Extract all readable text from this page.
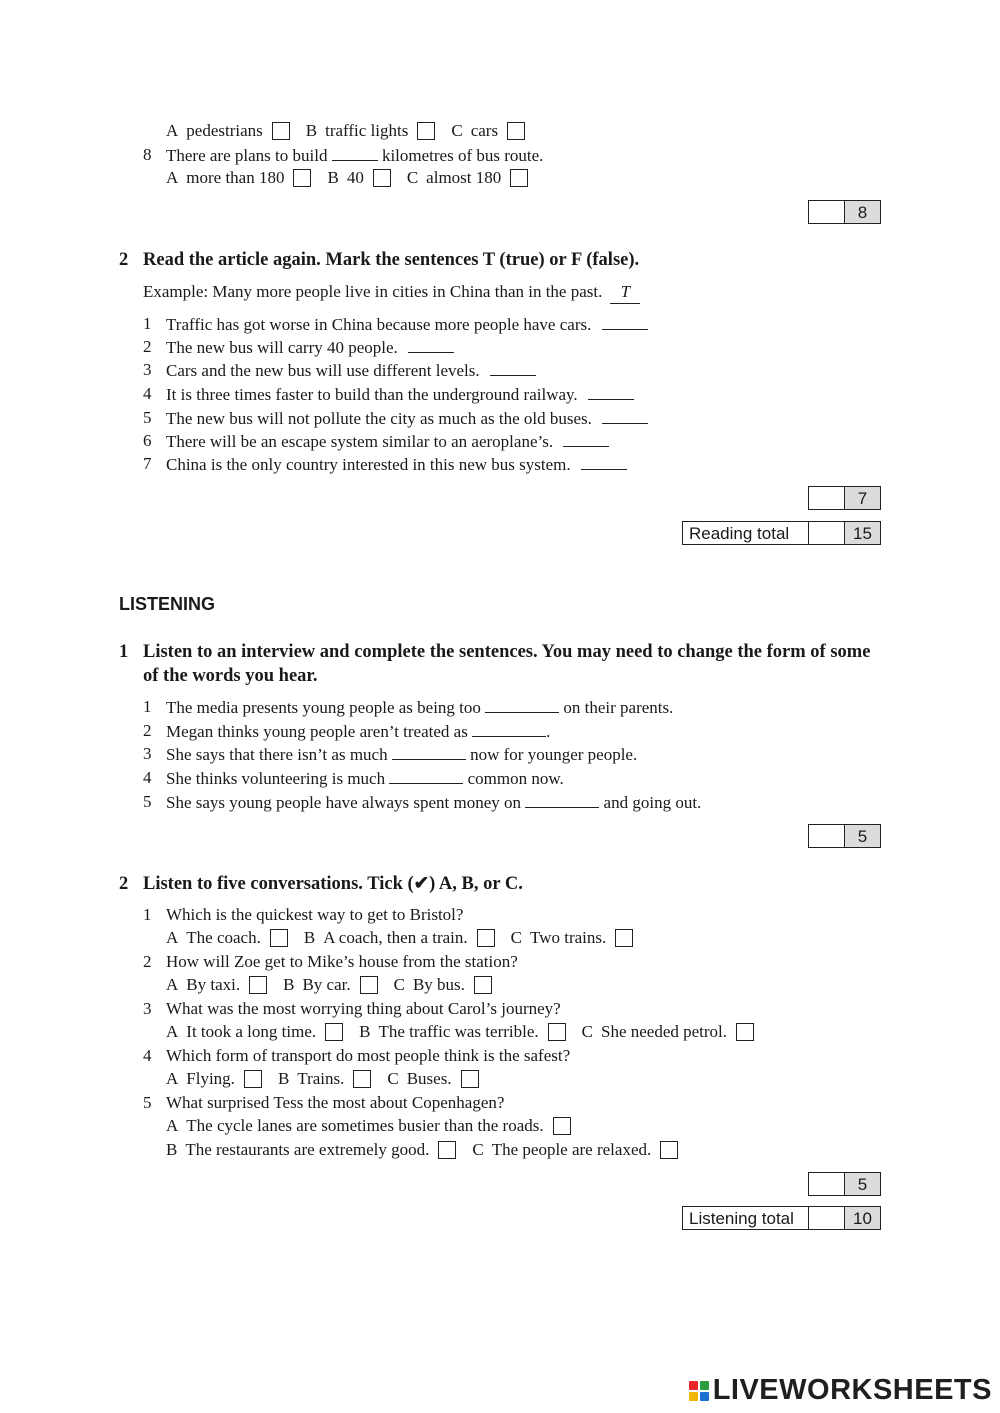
A pedestrians	B traffic lights	C cars
8 There are plans to build	kilometres of bus route.
A more than 180	B 40	C almost 180
8
2 Read the article again. Mark the sentences T (true) or F (false).
Example: Many more people live in cities in China than in the past. T
1 Traffic has got worse in China because more people have cars.
2 The new bus will carry 40 people.
3 Cars and the new bus will use different levels.
4 It is three times faster to build than the underground railway.
5 The new bus will not pollute the city as much as the old buses.
6 There will be an escape system similar to an aeroplane’s.
7 China is the only country interested in this new bus system.
7
Reading total	15
LISTENING
1 Listen to an interview and complete the sentences. You may need to change the form of some of the words you hear.
1 The media presents young people as being too	on their parents.
2 Megan thinks young people aren’t treated as	.
3 She says that there isn’t as much	now for younger people.
4 She thinks volunteering is much	common now.
5 She says young people have always spent money on	and going out.
5
2 Listen to five conversations. Tick (✔) A, B, or C.
1 Which is the quickest way to get to Bristol?
A The coach.	B A coach, then a train.	C Two trains.
2 How will Zoe get to Mike’s house from the station?
A By taxi.	B By car.	C By bus.
3 What was the most worrying thing about Carol’s journey?
A It took a long time.	B The traffic was terrible.	C She needed petrol.
4 Which form of transport do most people think is the safest?
A Flying.	B Trains.	C Buses.
5 What surprised Tess the most about Copenhagen?
A The cycle lanes are sometimes busier than the roads.
B The restaurants are extremely good.	C The people are relaxed.
5
Listening total	10
LIVEWORKSHEETS
